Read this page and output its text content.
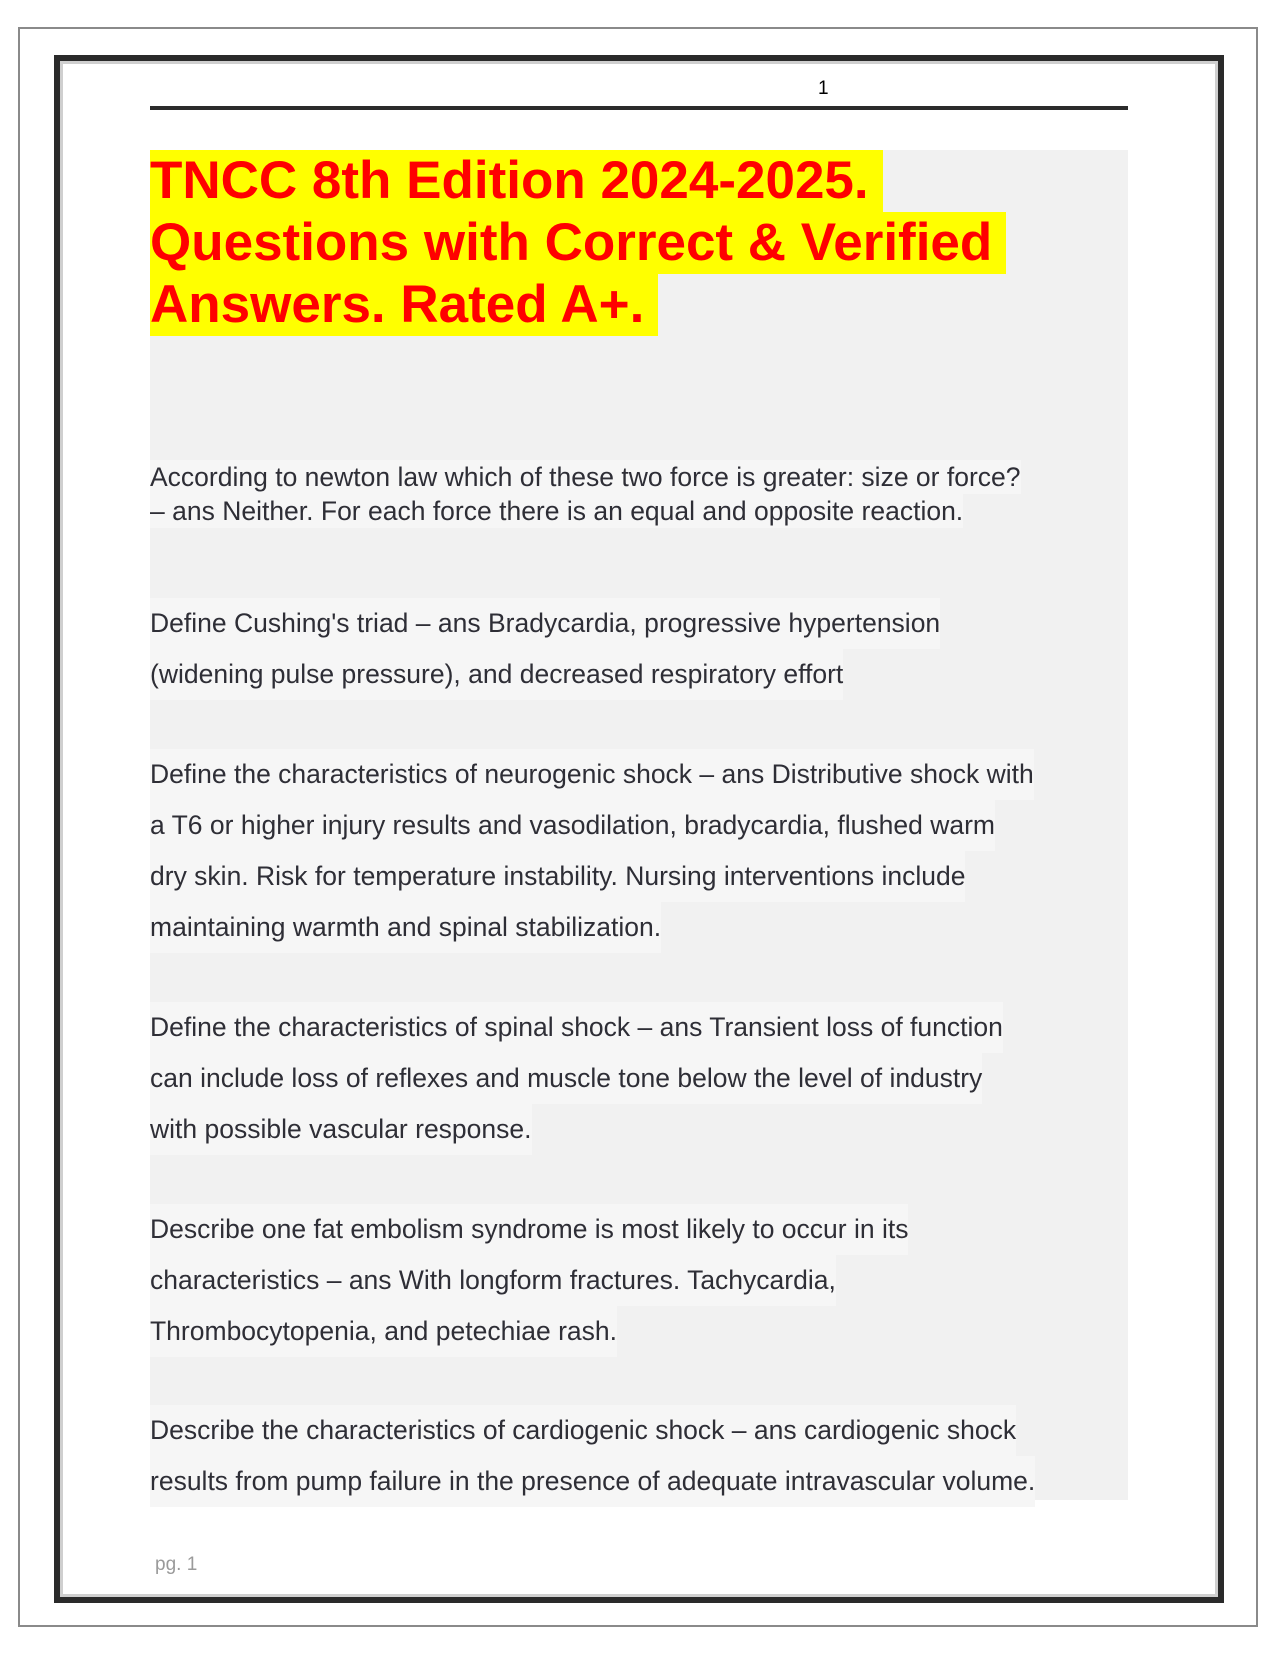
1
TNCC 8th Edition 2024-2025.
Questions with Correct & Verified
Answers. Rated A+.

According to newton law which of these two force is greater: size or force?
– ans Neither. For each force there is an equal and opposite reaction.

Define Cushing's triad – ans Bradycardia, progressive hypertension
(widening pulse pressure), and decreased respiratory effort

Define the characteristics of neurogenic shock – ans Distributive shock with
a T6 or higher injury results and vasodilation, bradycardia, flushed warm
dry skin. Risk for temperature instability. Nursing interventions include
maintaining warmth and spinal stabilization.

Define the characteristics of spinal shock – ans Transient loss of function
can include loss of reflexes and muscle tone below the level of industry
with possible vascular response.

Describe one fat embolism syndrome is most likely to occur in its
characteristics – ans With longform fractures. Tachycardia,
Thrombocytopenia, and petechiae rash.

Describe the characteristics of cardiogenic shock – ans cardiogenic shock
results from pump failure in the presence of adequate intravascular volume.

pg. 1
